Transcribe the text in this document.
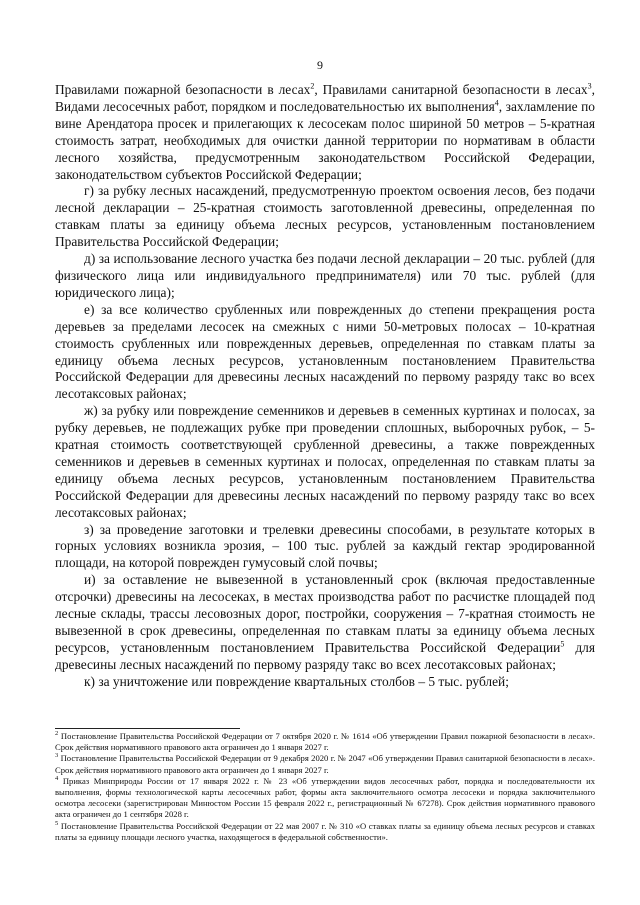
9

Правилами пожарной безопасности в лесах$^2$, Правилами санитарной безопасности в лесах$^3$, Видами лесосечных работ, порядком и последовательностью их выполнения$^4$, захламление по вине Арендатора просек и прилегающих к лесосекам полос шириной 50 метров – 5-кратная стоимость затрат, необходимых для очистки данной территории по нормативам в области лесного хозяйства, предусмотренным законодательством Российской Федерации, законодательством субъектов Российской Федерации;

г) за рубку лесных насаждений, предусмотренную проектом освоения лесов, без подачи лесной декларации – 25-кратная стоимость заготовленной древесины, определенная по ставкам платы за единицу объема лесных ресурсов, установленным постановлением Правительства Российской Федерации;

д) за использование лесного участка без подачи лесной декларации – 20 тыс. рублей (для физического лица или индивидуального предпринимателя) или 70 тыс. рублей (для юридического лица);

е) за все количество срубленных или поврежденных до степени прекращения роста деревьев за пределами лесосек на смежных с ними 50-метровых полосах – 10-кратная стоимость срубленных или поврежденных деревьев, определенная по ставкам платы за единицу объема лесных ресурсов, установленным постановлением Правительства Российской Федерации для древесины лесных насаждений по первому разряду такс во всех лесотаксовых районах;

ж) за рубку или повреждение семенников и деревьев в семенных куртинах и полосах, за рубку деревьев, не подлежащих рубке при проведении сплошных, выборочных рубок, – 5-кратная стоимость соответствующей срубленной древесины, а также поврежденных семенников и деревьев в семенных куртинах и полосах, определенная по ставкам платы за единицу объема лесных ресурсов, установленным постановлением Правительства Российской Федерации для древесины лесных насаждений по первому разряду такс во всех лесотаксовых районах;

з) за проведение заготовки и трелевки древесины способами, в результате которых в горных условиях возникла эрозия, – 100 тыс. рублей за каждый гектар эродированной площади, на которой поврежден гумусовый слой почвы;

и) за оставление не вывезенной в установленный срок (включая предоставленные отсрочки) древесины на лесосеках, в местах производства работ по расчистке площадей под лесные склады, трассы лесовозных дорог, постройки, сооружения – 7-кратная стоимость не вывезенной в срок древесины, определенная по ставкам платы за единицу объема лесных ресурсов, установленным постановлением Правительства Российской Федерации$^5$ для древесины лесных насаждений по первому разряду такс во всех лесотаксовых районах;

к) за уничтожение или повреждение квартальных столбов – 5 тыс. рублей;

$^2$ Постановление Правительства Российской Федерации от 7 октября 2020 г. № 1614 «Об утверждении Правил пожарной безопасности в лесах». Срок действия нормативного правового акта ограничен до 1 января 2027 г.

$^3$ Постановление Правительства Российской Федерации от 9 декабря 2020 г. № 2047 «Об утверждении Правил санитарной безопасности в лесах». Срок действия нормативного правового акта ограничен до 1 января 2027 г.

$^4$ Приказ Минприроды России от 17 января 2022 г. № 23 «Об утверждении видов лесосечных работ, порядка и последовательности их выполнения, формы технологической карты лесосечных работ, формы акта заключительного осмотра лесосеки и порядка заключительного осмотра лесосеки (зарегистрирован Минюстом России 15 февраля 2022 г., регистрационный № 67278). Срок действия нормативного правового акта ограничен до 1 сентября 2028 г.

$^5$ Постановление Правительства Российской Федерации от 22 мая 2007 г. № 310 «О ставках платы за единицу объема лесных ресурсов и ставках платы за единицу площади лесного участка, находящегося в федеральной собственности».
